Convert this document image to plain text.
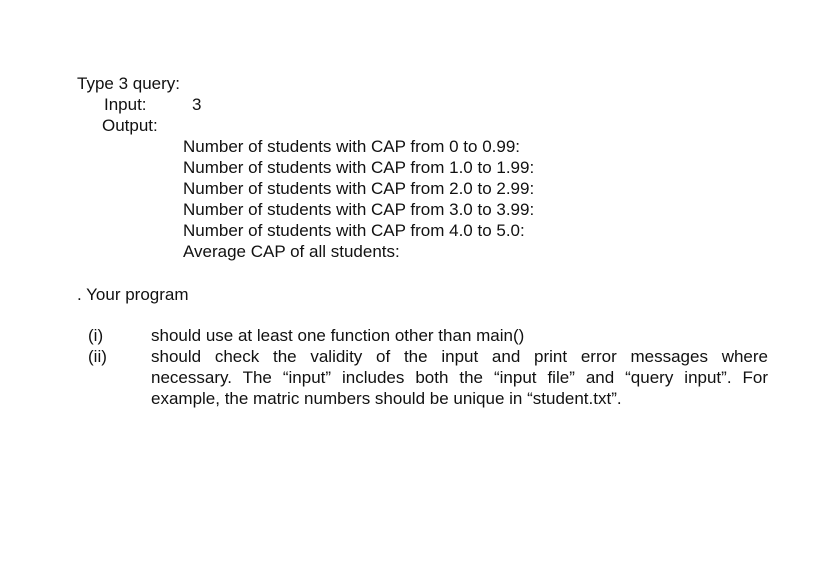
Type 3 query:
Input:	3
Output:
Number of students with CAP from 0 to 0.99:
Number of students with CAP from 1.0 to 1.99:
Number of students with CAP from 2.0 to 2.99:
Number of students with CAP from 3.0 to 3.99:
Number of students with CAP from 4.0 to 5.0:
Average CAP of all students:
. Your program
(i)
(ii)
should use at least one function other than main()
should check the validity of the input and print error messages where
necessary. The “input” includes both the “input file” and “query input”. For
example, the matric numbers should be unique in “student.txt”.
